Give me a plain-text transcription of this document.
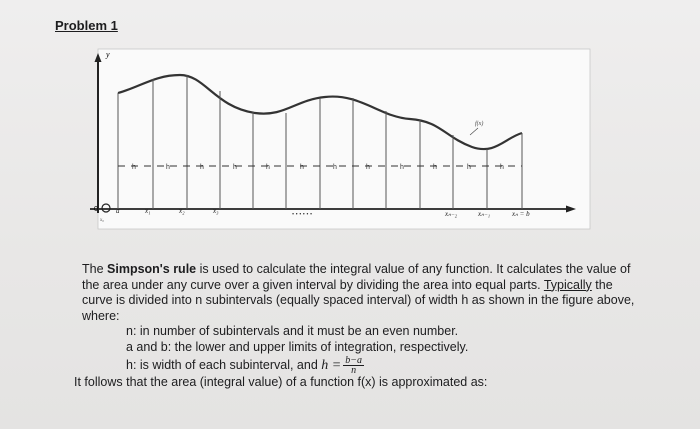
Problem 1
y
h	h	h	h	h	h	h	h	h	h	h	h
f(x)
0
x₀
a	x₁	x₂	x₃	• • • • • •	xₙ₋₂	xₙ₋₁	xₙ = b

The Simpson's rule is used to calculate the integral value of any function. It calculates the value of the area under any curve over a given interval by dividing the area into equal parts. Typically the curve is divided into n subintervals (equally spaced interval) of width h as shown in the figure above, where:

n: in number of subintervals and it must be an even number.

a and b: the lower and upper limits of integration, respectively.

h: is width of each subinterval, and $h = \frac{b-a}{n}$

It follows that the area (integral value) of a function f(x) is approximated as:
